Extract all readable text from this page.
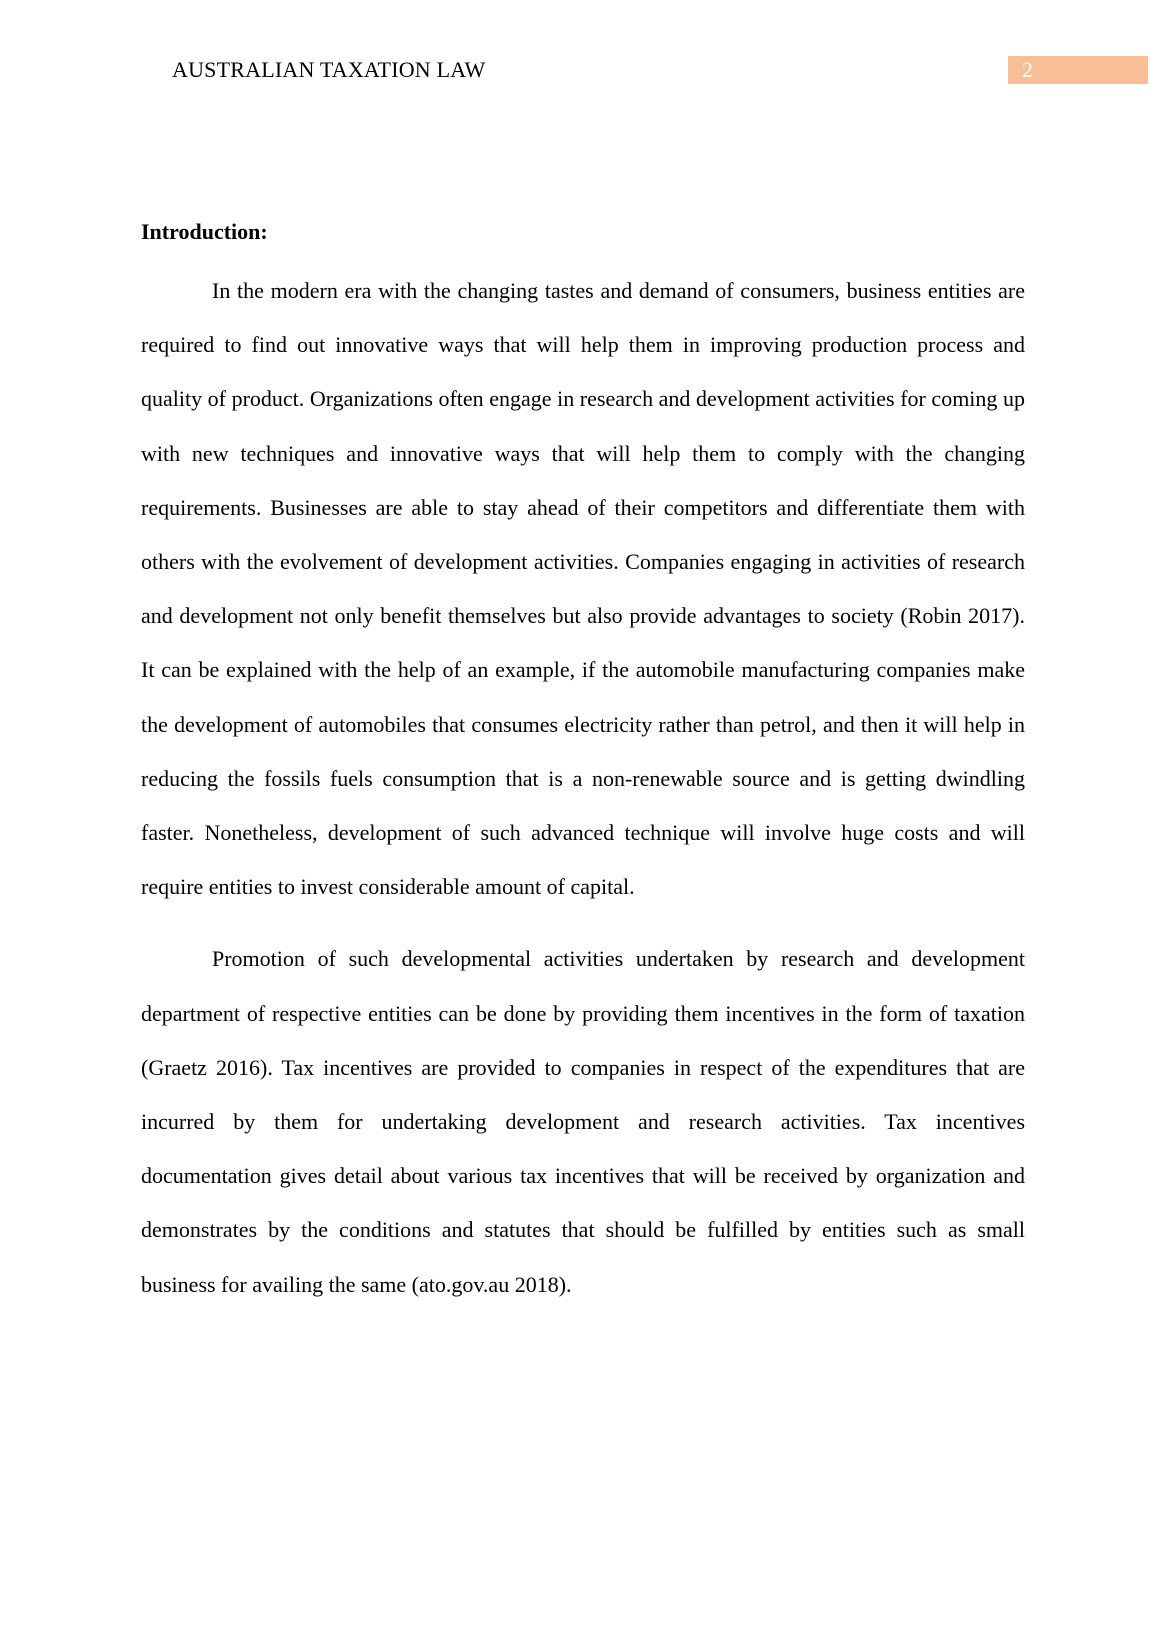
AUSTRALIAN TAXATION LAW	2
Introduction:

In the modern era with the changing tastes and demand of consumers, business entities are required to find out innovative ways that will help them in improving production process and quality of product. Organizations often engage in research and development activities for coming up with new techniques and innovative ways that will help them to comply with the changing requirements. Businesses are able to stay ahead of their competitors and differentiate them with others with the evolvement of development activities. Companies engaging in activities of research and development not only benefit themselves but also provide advantages to society (Robin 2017). It can be explained with the help of an example, if the automobile manufacturing companies make the development of automobiles that consumes electricity rather than petrol, and then it will help in reducing the fossils fuels consumption that is a non-renewable source and is getting dwindling faster. Nonetheless, development of such advanced technique will involve huge costs and will require entities to invest considerable amount of capital.

Promotion of such developmental activities undertaken by research and development department of respective entities can be done by providing them incentives in the form of taxation (Graetz 2016). Tax incentives are provided to companies in respect of the expenditures that are incurred by them for undertaking development and research activities. Tax incentives documentation gives detail about various tax incentives that will be received by organization and demonstrates by the conditions and statutes that should be fulfilled by entities such as small business for availing the same (ato.gov.au 2018).
